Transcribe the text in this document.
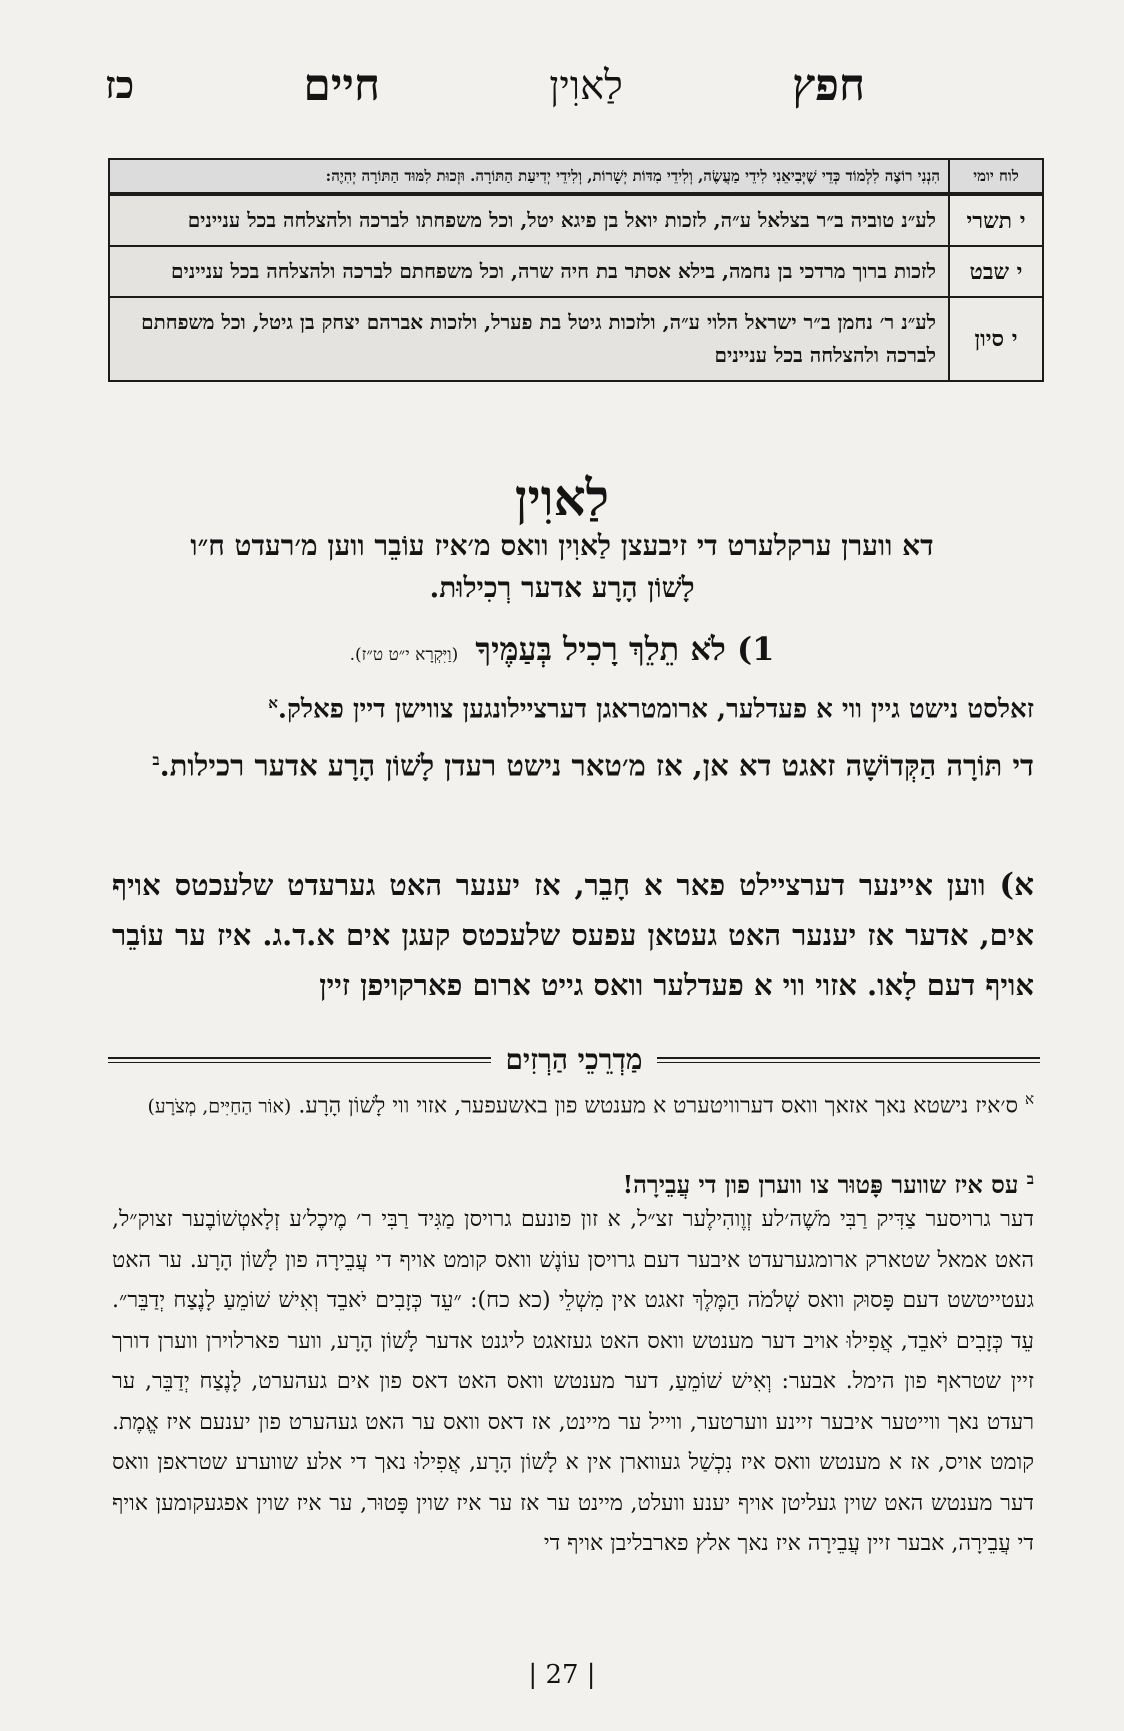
חפץ
לַאוִין
חיים
כז
לוח יומי
הִנְנִי רוֹצֶה לִלְמוֹד כְּדֵי שֶׁיְּבִיאֵנִי לִידֵי מַעֲשֶׂה, וְלִידֵי מִדּוֹת יְשָׁרוֹת, וְלִידֵי יְדִיעַת הַתּוֹרָה. וּזְכוּת לִמּוּד הַתּוֹרָה יְהִיֶה:
י תשרי
לע״נ טוביה ב״ר בצלאל ע״ה, לזכות יואל בן פיגא יטל, וכל משפחתו לברכה ולהצלחה בכל עניינים
י שבט
לזכות ברוך מרדכי בן נחמה, בילא אסתר בת חיה שרה, וכל משפחתם לברכה ולהצלחה בכל עניינים
י סיון
לע״נ ר׳ נחמן ב״ר ישראל הלוי ע״ה, ולזכות גיטל בת פערל, ולזכות אברהם יצחק בן גיטל, וכל משפחתם לברכה ולהצלחה בכל עניינים
לַאוִין
דא ווערן ערקלערט די זיבעצן לַאוִין וואס מ׳איז עוֹבֵר ווען מ׳רעדט ח״ו
לָשׁוֹן הָרָע אדער רְכִילוּת.
1) לֹא תֵלֵךְ רָכִיל בְּעַמֶּיךָ (וַיִּקְרָא י״ט ט״ז).
זאלסט נישט גיין ווי א פעדלער, ארומטראגן דערציילונגען צווישן דיין פאלק.$^א$
די תּוֹרָה הַקְּדוֹשָׁה זאגט דא אן, אז מ׳טאר נישט רעדן לָשׁוֹן הָרָע אדער רכילות.$^ב$
א) ווען איינער דערציילט פאר א חָבֵר, אז יענער האט גערעדט שלעכטס אויף אים, אדער אז יענער האט געטאן עפעס שלעכטס קעגן אים א.ד.ג. איז ער עוֹבֵר אויף דעם לָאו. אזוי ווי א פעדלער וואס גייט ארום פארקויפן זיין
מַדְרֵכֵי הַרְזִים
$^א$ ס׳איז נישטא נאך אזאך וואס דערוויטערט א מענטש פון באשעפער, אזוי ווי לָשׁוֹן הָרָע. (אוֹר הַחַיִּים, מְצֹרָע)
$^ב$ עס איז שווער פָּטוּר צו ווערן פון די עֲבֵירָה!
דער גרויסער צַדִּיק רַבִּי מֹשֶׁה׳לע זְוֶוהִילֶער זצ״ל, א זון פונעם גרויסן מַגִּיד רַבִּי ר׳ מֶיכֶל׳ע זְלָאטְשׁוֹבֶער זצוק״ל, האט אמאל שטארק ארומגערעדט איבער דעם גרויסן עוֹנֶשׁ וואס קומט אויף די עֲבֵירָה פון לָשׁוֹן הָרָע. ער האט געטייטשט דעם פָּסוּק וואס שְׁלֹמֹה הַמֶּלֶךְ זאגט אין מִשְׁלֵי (כא כח): ״עֵד כְּזָבִים יֹאבֵד וְאִישׁ שׁוֹמֵעַ לָנֶצַח יְדַבֵּר״. עֵד כְּזָבִים יֹאבֵד, אֲפִילוּ אויב דער מענטש וואס האט געזאגט ליגנט אדער לָשׁוֹן הָרָע, ווער פארלוירן ווערן דורך זיין שטראף פון הימל. אבער: וְאִישׁ שׁוֹמֵעַ, דער מענטש וואס האט דאס פון אים געהערט, לָנֶצַח יְדַבֵּר, ער רעדט נאך ווייטער איבער זיינע ווערטער, ווייל ער מיינט, אז דאס וואס ער האט געהערט פון יענעם איז אֱמֶת. קומט אויס, אז א מענטש וואס איז נִכְשַׁל געווארן אין א לָשׁוֹן הָרָע, אֲפִילוּ נאך די אלע שווערע שטראפן וואס דער מענטש האט שוין געליטן אויף יענע וועלט, מיינט ער אז ער איז שוין פָּטוּר, ער איז שוין אפגעקומען אויף די עֲבֵירָה, אבער זיין עֲבֵירָה איז נאך אלץ פארבליבן אויף די
| 27 |
